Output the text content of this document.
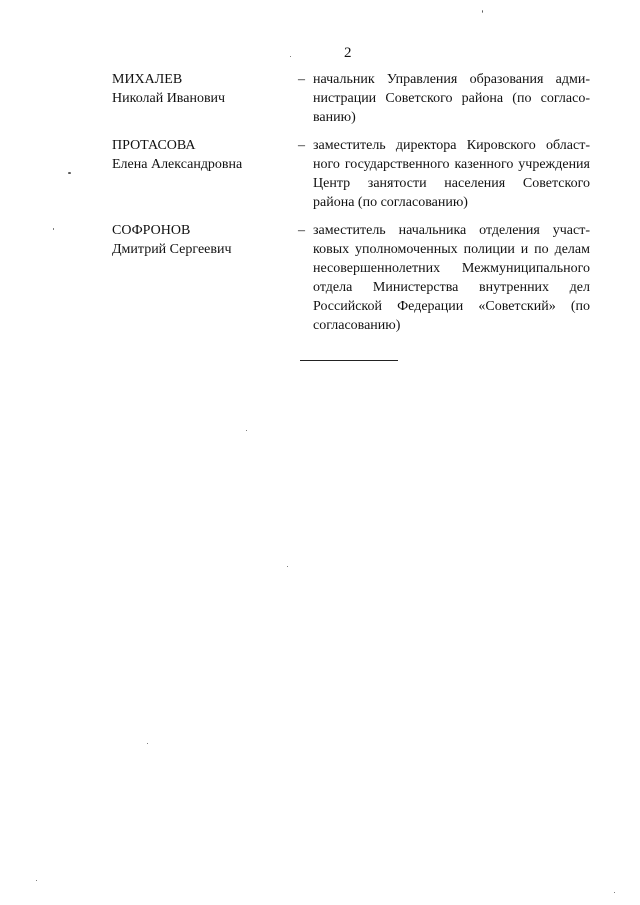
2
МИХАЛЕВ
Николай Иванович
– начальник Управления образования администрации Советского района (по согласованию)
ПРОТАСОВА
Елена Александровна
– заместитель директора Кировского областного государственного казенного учреждения Центр занятости населения Советского района (по согласованию)
СОФРОНОВ
Дмитрий Сергеевич
– заместитель начальника отделения участковых уполномоченных полиции и по делам несовершеннолетних Межмуниципального отдела Министерства внутренних дел Российской Федерации «Советский» (по согласованию)
